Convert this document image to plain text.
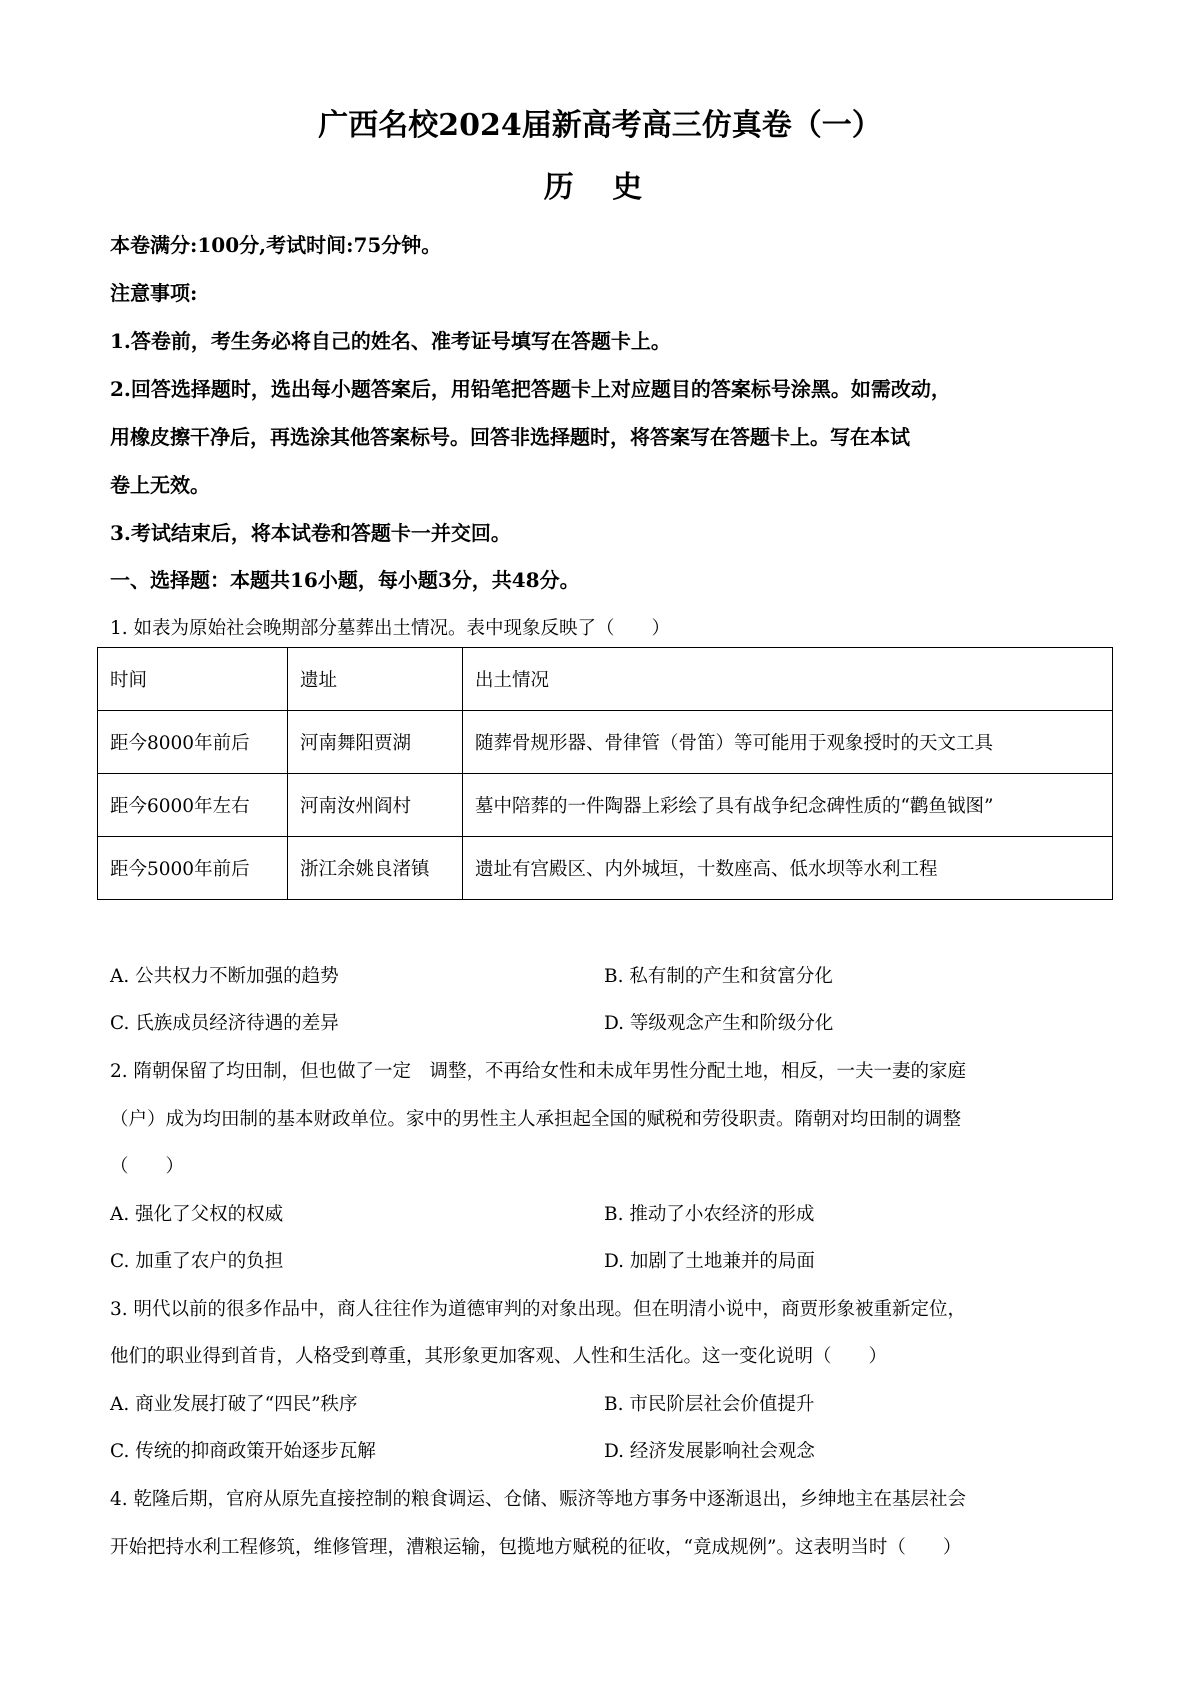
广西名校2024届新高考高三仿真卷（一）
历 史
本卷满分:100分,考试时间:75分钟。
注意事项:
1.答卷前，考生务必将自己的姓名、准考证号填写在答题卡上。
2.回答选择题时，选出每小题答案后，用铅笔把答题卡上对应题目的答案标号涂黑。如需改动，
用橡皮擦干净后，再选涂其他答案标号。回答非选择题时，将答案写在答题卡上。写在本试
卷上无效。
3.考试结束后，将本试卷和答题卡一并交回。
一、选择题：本题共16小题，每小题3分，共48分。
1. 如表为原始社会晚期部分墓葬出土情况。表中现象反映了（　　）
时间	遗址	出土情况
距今8000年前后	河南舞阳贾湖	随葬骨规形器、骨律管（骨笛）等可能用于观象授时的天文工具
距今6000年左右	河南汝州阎村	墓中陪葬的一件陶器上彩绘了具有战争纪念碑性质的“鹳鱼钺图”
距今5000年前后	浙江余姚良渚镇	遗址有宫殿区、内外城垣，十数座高、低水坝等水利工程
A. 公共权力不断加强的趋势	B. 私有制的产生和贫富分化
C. 氏族成员经济待遇的差异	D. 等级观念产生和阶级分化
2. 隋朝保留了均田制，但也做了一定　调整，不再给女性和未成年男性分配土地，相反，一夫一妻的家庭
（户）成为均田制的基本财政单位。家中的男性主人承担起全国的赋税和劳役职责。隋朝对均田制的调整
（　　）
A. 强化了父权的权威	B. 推动了小农经济的形成
C. 加重了农户的负担	D. 加剧了土地兼并的局面
3. 明代以前的很多作品中，商人往往作为道德审判的对象出现。但在明清小说中，商贾形象被重新定位，
他们的职业得到首肯，人格受到尊重，其形象更加客观、人性和生活化。这一变化说明（　　）
A. 商业发展打破了“四民”秩序	B. 市民阶层社会价值提升
C. 传统的抑商政策开始逐步瓦解	D. 经济发展影响社会观念
4. 乾隆后期，官府从原先直接控制的粮食调运、仓储、赈济等地方事务中逐渐退出，乡绅地主在基层社会
开始把持水利工程修筑，维修管理，漕粮运输，包揽地方赋税的征收，“竟成规例”。这表明当时（　　）
